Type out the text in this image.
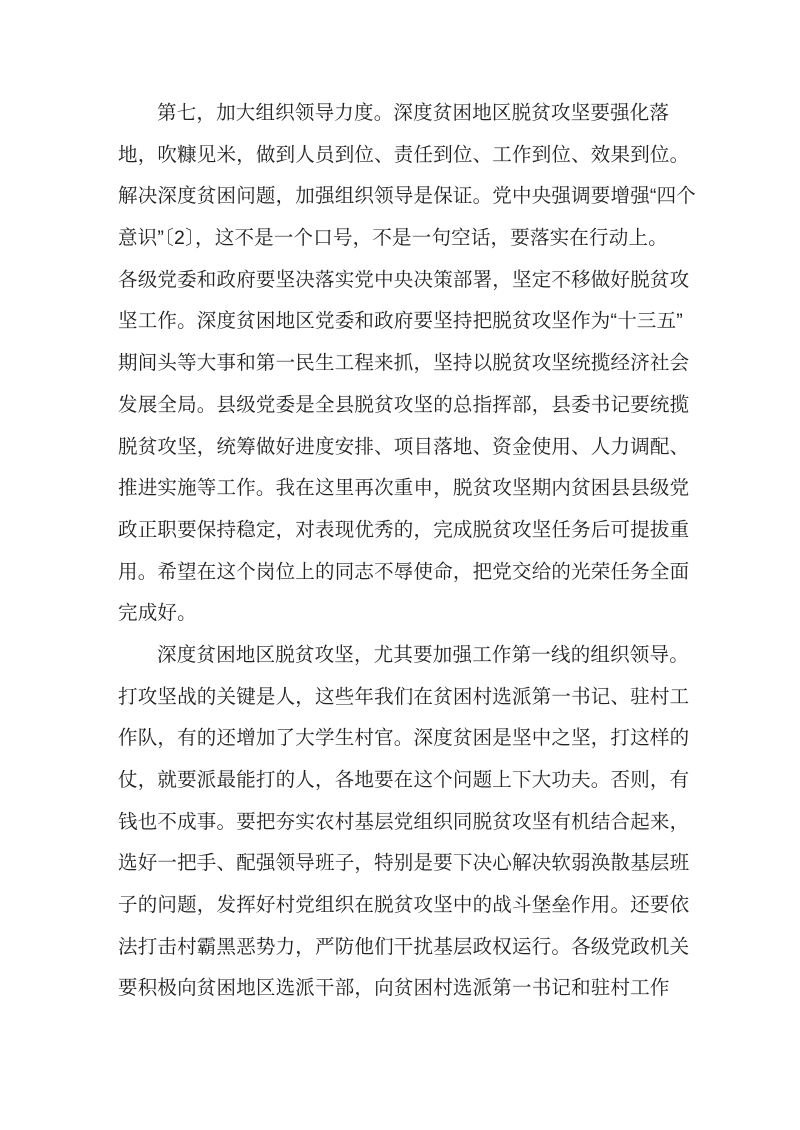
第七，加大组织领导力度。深度贫困地区脱贫攻坚要强化落
地，吹糠见米，做到人员到位、责任到位、工作到位、效果到位。
解决深度贫困问题，加强组织领导是保证。党中央强调要增强“四个
意识”〔2〕，这不是一个口号，不是一句空话，要落实在行动上。
各级党委和政府要坚决落实党中央决策部署，坚定不移做好脱贫攻
坚工作。深度贫困地区党委和政府要坚持把脱贫攻坚作为“十三五”
期间头等大事和第一民生工程来抓，坚持以脱贫攻坚统揽经济社会
发展全局。县级党委是全县脱贫攻坚的总指挥部，县委书记要统揽
脱贫攻坚，统筹做好进度安排、项目落地、资金使用、人力调配、
推进实施等工作。我在这里再次重申，脱贫攻坚期内贫困县县级党
政正职要保持稳定，对表现优秀的，完成脱贫攻坚任务后可提拔重
用。希望在这个岗位上的同志不辱使命，把党交给的光荣任务全面
完成好。
深度贫困地区脱贫攻坚，尤其要加强工作第一线的组织领导。
打攻坚战的关键是人，这些年我们在贫困村选派第一书记、驻村工
作队，有的还增加了大学生村官。深度贫困是坚中之坚，打这样的
仗，就要派最能打的人，各地要在这个问题上下大功夫。否则，有
钱也不成事。要把夯实农村基层党组织同脱贫攻坚有机结合起来，
选好一把手、配强领导班子，特别是要下决心解决软弱涣散基层班
子的问题，发挥好村党组织在脱贫攻坚中的战斗堡垒作用。还要依
法打击村霸黑恶势力，严防他们干扰基层政权运行。各级党政机关
要积极向贫困地区选派干部，向贫困村选派第一书记和驻村工作
